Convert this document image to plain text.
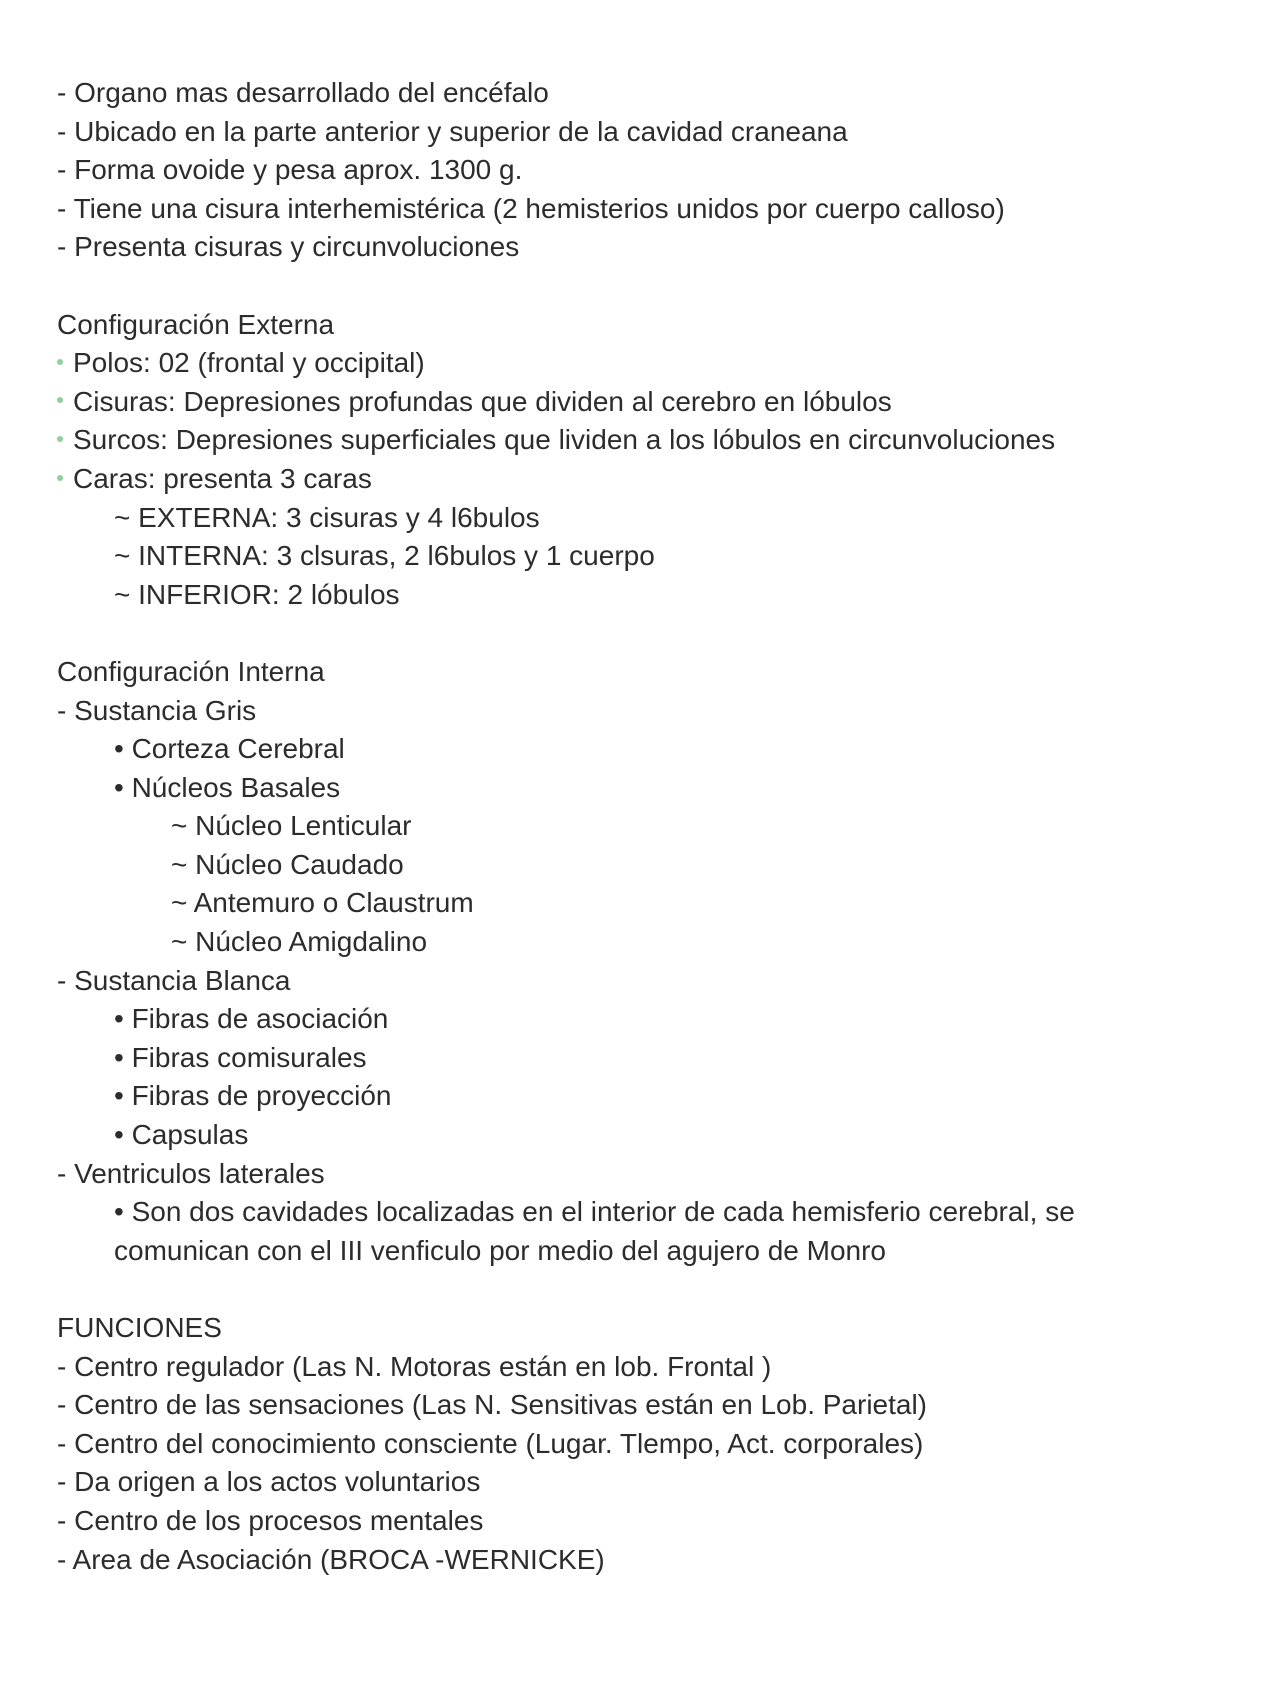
- Organo mas desarrollado del encéfalo
- Ubicado en la parte anterior y superior de la cavidad craneana
- Forma ovoide y pesa aprox. 1300 g.
- Tiene una cisura interhemistérica (2 hemisterios unidos por cuerpo calloso)
- Presenta cisuras y circunvoluciones
Configuración Externa
Polos: 02 (frontal y occipital)
Cisuras: Depresiones profundas que dividen al cerebro en lóbulos
Surcos: Depresiones superficiales que lividen a los lóbulos en circunvoluciones
Caras: presenta 3 caras
~ EXTERNA: 3 cisuras y 4 l6bulos
~ INTERNA: 3 clsuras, 2 l6bulos y 1 cuerpo
~ INFERIOR: 2 lóbulos
Configuración Interna
- Sustancia Gris
• Corteza Cerebral
• Núcleos Basales
~ Núcleo Lenticular
~ Núcleo Caudado
~ Antemuro o Claustrum
~ Núcleo Amigdalino
- Sustancia Blanca
• Fibras de asociación
• Fibras comisurales
• Fibras de proyección
• Capsulas
- Ventriculos laterales
• Son dos cavidades localizadas en el interior de cada hemisferio cerebral, se
comunican con el III venficulo por medio del agujero de Monro
FUNCIONES
- Centro regulador (Las N. Motoras están en lob. Frontal )
- Centro de las sensaciones (Las N. Sensitivas están en Lob. Parietal)
- Centro del conocimiento consciente (Lugar. Tlempo, Act. corporales)
- Da origen a los actos voluntarios
- Centro de los procesos mentales
- Area de Asociación (BROCA -WERNICKE)
